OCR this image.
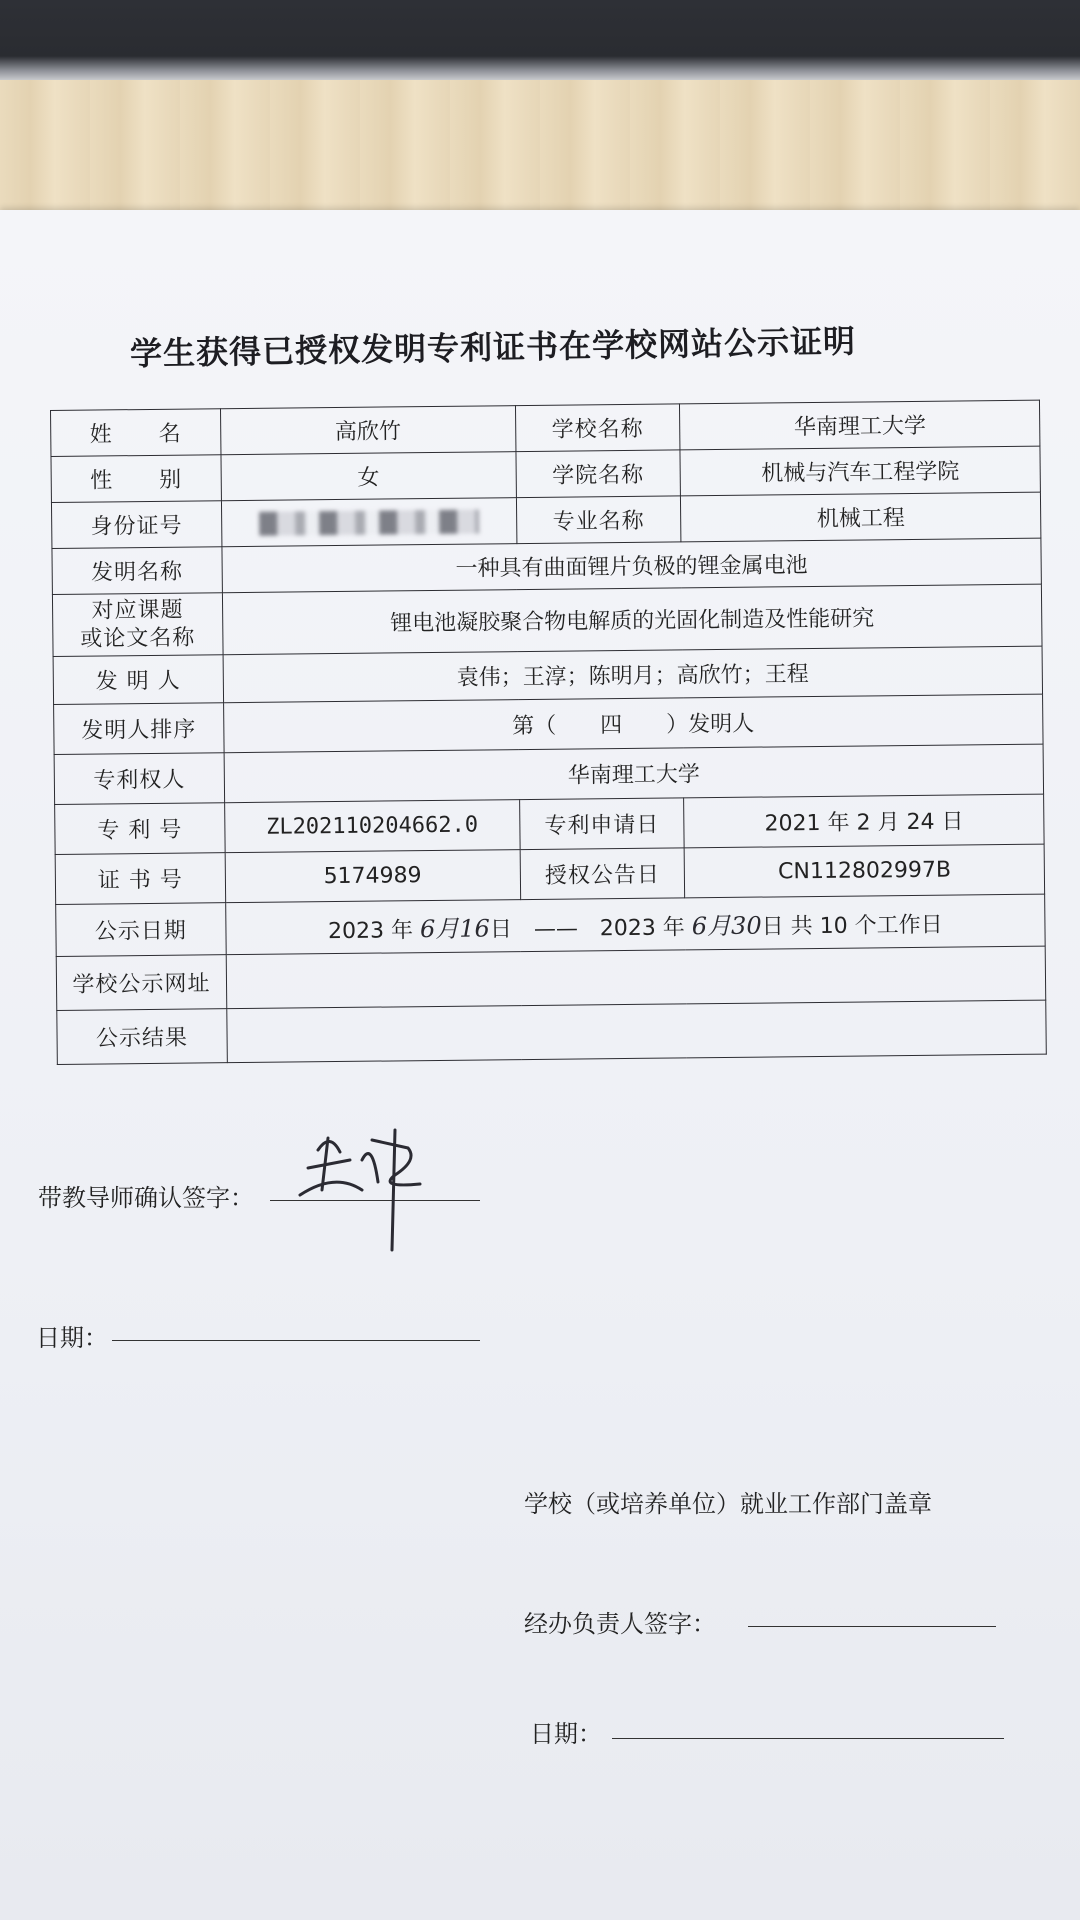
学生获得已授权发明专利证书在学校网站公示证明
姓　　名	高欣竹	学校名称	华南理工大学
性　　别	女	学院名称	机械与汽车工程学院
身份证号		专业名称	机械工程
发明名称	一种具有曲面锂片负极的锂金属电池		
对应课题
或论文名称	锂电池凝胶聚合物电解质的光固化制造及性能研究		
发 明 人	袁伟；王淳；陈明月；高欣竹；王程		
发明人排序	第（　　四　　）发明人		
专利权人	华南理工大学		
专 利 号	ZL202110204662.0	专利申请日	2021 年 2 月 24 日
证 书 号	5174989	授权公告日	CN112802997B
公示日期	2023 年 6月16日　——　2023 年 6月30日 共 10 个工作日		
学校公示网址			
公示结果			
带教导师确认签字：
日期：
学校（或培养单位）就业工作部门盖章
经办负责人签字：
日期：
